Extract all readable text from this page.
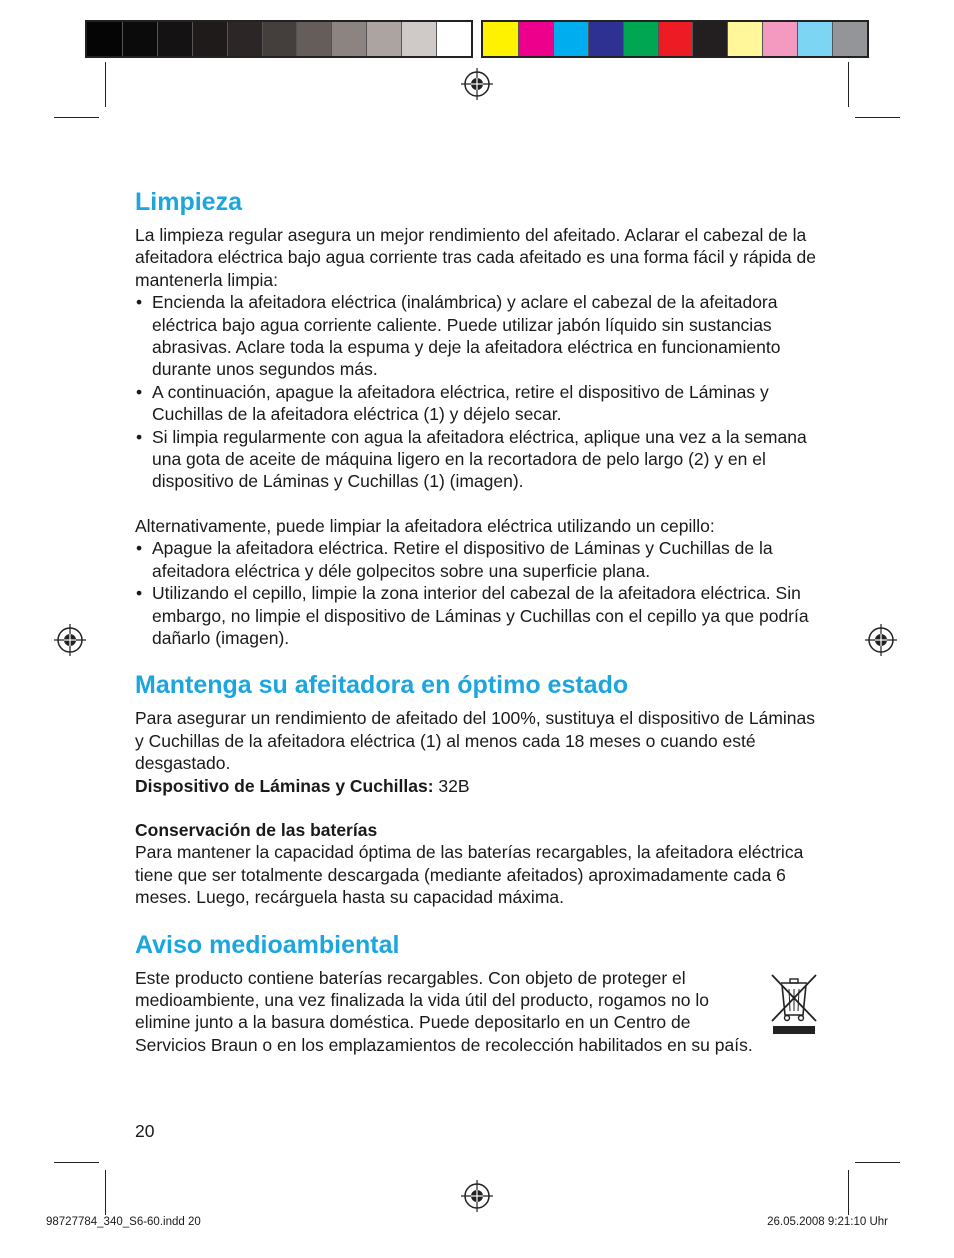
Limpieza

La limpieza regular asegura un mejor rendimiento del afeitado. Aclarar el cabezal de la afeitadora eléctrica bajo agua corriente tras cada afeitado es una forma fácil y rápida de mantenerla limpia:

• Encienda la afeitadora eléctrica (inalámbrica) y aclare el cabezal de la afeitadora eléctrica bajo agua corriente caliente. Puede utilizar jabón líquido sin sustancias abrasivas. Aclare toda la espuma y deje la afeitadora eléctrica en funcionamiento durante unos segundos más.
• A continuación, apague la afeitadora eléctrica, retire el dispositivo de Láminas y Cuchillas de la afeitadora eléctrica (1) y déjelo secar.
• Si limpia regularmente con agua la afeitadora eléctrica, aplique una vez a la semana una gota de aceite de máquina ligero en la recortadora de pelo largo (2) y en el dispositivo de Láminas y Cuchillas (1) (imagen).

Alternativamente, puede limpiar la afeitadora eléctrica utilizando un cepillo:

• Apague la afeitadora eléctrica. Retire el dispositivo de Láminas y Cuchillas de la afeitadora eléctrica y déle golpecitos sobre una superficie plana.
• Utilizando el cepillo, limpie la zona interior del cabezal de la afeitadora eléctrica. Sin embargo, no limpie el dispositivo de Láminas y Cuchillas con el cepillo ya que podría dañarlo (imagen).
Mantenga su afeitadora en óptimo estado

Para asegurar un rendimiento de afeitado del 100%, sustituya el dispositivo de Láminas y Cuchillas de la afeitadora eléctrica (1) al menos cada 18 meses o cuando esté desgastado.

Dispositivo de Láminas y Cuchillas: 32B

Conservación de las baterías

Para mantener la capacidad óptima de las baterías recargables, la afeitadora eléctrica tiene que ser totalmente descargada (mediante afeitados) aproximadamente cada 6 meses. Luego, recárguela hasta su capacidad máxima.

Aviso medioambiental

Este producto contiene baterías recargables. Con objeto de proteger el medioambiente, una vez finalizada la vida útil del producto, rogamos no lo elimine junto a la basura doméstica. Puede depositarlo en un Centro de Servicios Braun o en los emplazamientos de recolección habilitados en su país.

20
98727784_340_S6-60.indd 20	26.05.2008 9:21:10 Uhr
